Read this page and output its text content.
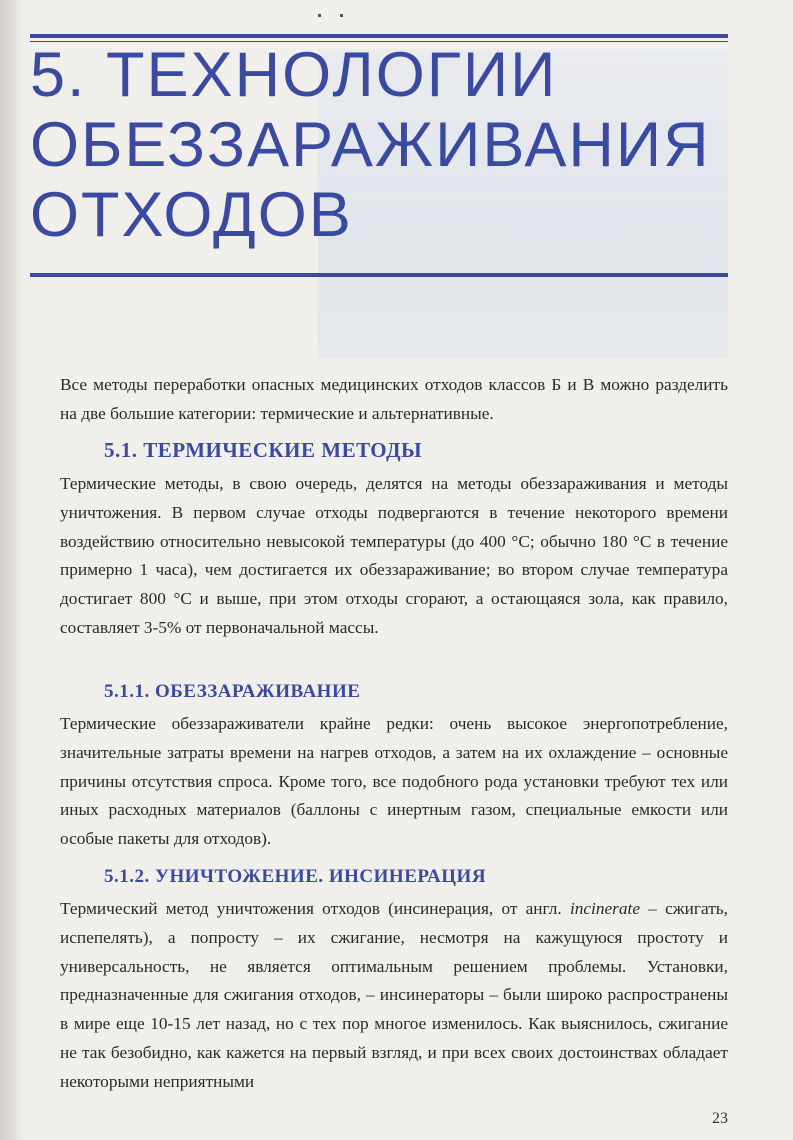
5. ТЕХНОЛОГИИ
ОБЕЗЗАРАЖИВАНИЯ
ОТХОДОВ

Все методы переработки опасных медицинских отходов классов Б и В можно разделить на две большие категории: термические и альтернативные.

5.1. ТЕРМИЧЕСКИЕ МЕТОДЫ

Термические методы, в свою очередь, делятся на методы обеззараживания и методы уничтожения. В первом случае отходы подвергаются в течение некоторого времени воздействию относительно невысокой температуры (до 400 °С; обычно 180 °С в течение примерно 1 часа), чем достигается их обеззараживание; во втором случае температура достигает 800 °С и выше, при этом отходы сгорают, а остающаяся зола, как правило, составляет 3-5% от первоначальной массы.

5.1.1. ОБЕЗЗАРАЖИВАНИЕ

Термические обеззараживатели крайне редки: очень высокое энергопотребление, значительные затраты времени на нагрев отходов, а затем на их охлаждение – основные причины отсутствия спроса. Кроме того, все подобного рода установки требуют тех или иных расходных материалов (баллоны с инертным газом, специальные емкости или особые пакеты для отходов).

5.1.2. УНИЧТОЖЕНИЕ. ИНСИНЕРАЦИЯ

Термический метод уничтожения отходов (инсинерация, от англ. incinerate – сжигать, испепелять), а попросту – их сжигание, несмотря на кажущуюся простоту и универсальность, не является оптимальным решением проблемы. Установки, предназначенные для сжигания отходов, – инсинераторы – были широко распространены в мире еще 10-15 лет назад, но с тех пор многое изменилось. Как выяснилось, сжигание не так безобидно, как кажется на первый взгляд, и при всех своих достоинствах обладает некоторыми неприятными

23
